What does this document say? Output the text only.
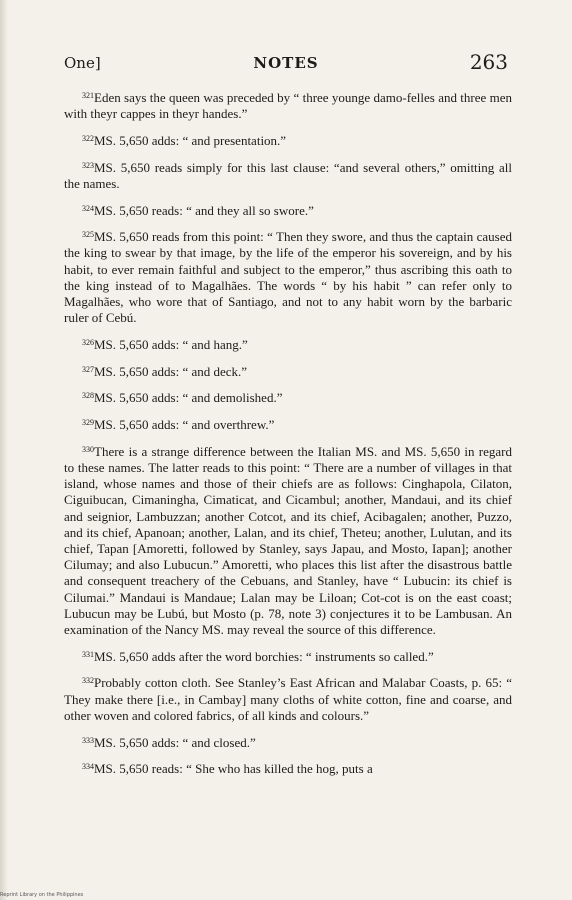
One]	NOTES	263

$^{321}$Eden says the queen was preceded by “ three younge damo-felles and three men with theyr cappes in theyr handes.”

$^{322}$MS. 5,650 adds: “ and presentation.”

$^{323}$MS. 5,650 reads simply for this last clause: “and several others,” omitting all the names.

$^{324}$MS. 5,650 reads: “ and they all so swore.”

$^{325}$MS. 5,650 reads from this point: “ Then they swore, and thus the captain caused the king to swear by that image, by the life of the emperor his sovereign, and by his habit, to ever remain faithful and subject to the emperor,” thus ascribing this oath to the king instead of to Magalhães. The words “ by his habit ” can refer only to Magalhães, who wore that of Santiago, and not to any habit worn by the barbaric ruler of Cebú.

$^{326}$MS. 5,650 adds: “ and hang.”

$^{327}$MS. 5,650 adds: “ and deck.”

$^{328}$MS. 5,650 adds: “ and demolished.”

$^{329}$MS. 5,650 adds: “ and overthrew.”

$^{330}$There is a strange difference between the Italian MS. and MS. 5,650 in regard to these names. The latter reads to this point: “ There are a number of villages in that island, whose names and those of their chiefs are as follows: Cinghapola, Cilaton, Ciguibucan, Cimaningha, Cimaticat, and Cicambul; another, Mandaui, and its chief and seignior, Lambuzzan; another Cotcot, and its chief, Acibagalen; another, Puzzo, and its chief, Apanoan; another, Lalan, and its chief, Theteu; another, Lulutan, and its chief, Tapan [Amoretti, followed by Stanley, says Japau, and Mosto, Iapan]; another Cilumay; and also Lubucun.” Amoretti, who places this list after the disastrous battle and consequent treachery of the Cebuans, and Stanley, have “ Lubucin: its chief is Cilumai.” Mandaui is Mandaue; Lalan may be Liloan; Cot-cot is on the east coast; Lubucun may be Lubú, but Mosto (p. 78, note 3) conjectures it to be Lambusan. An examination of the Nancy MS. may reveal the source of this difference.

$^{331}$MS. 5,650 adds after the word borchies: “ instruments so called.”

$^{332}$Probably cotton cloth. See Stanley’s East African and Malabar Coasts, p. 65: “ They make there [i.e., in Cambay] many cloths of white cotton, fine and coarse, and other woven and colored fabrics, of all kinds and colours.”

$^{333}$MS. 5,650 adds: “ and closed.”

$^{334}$MS. 5,650 reads: “ She who has killed the hog, puts a

Reprint Library on the Philippines
